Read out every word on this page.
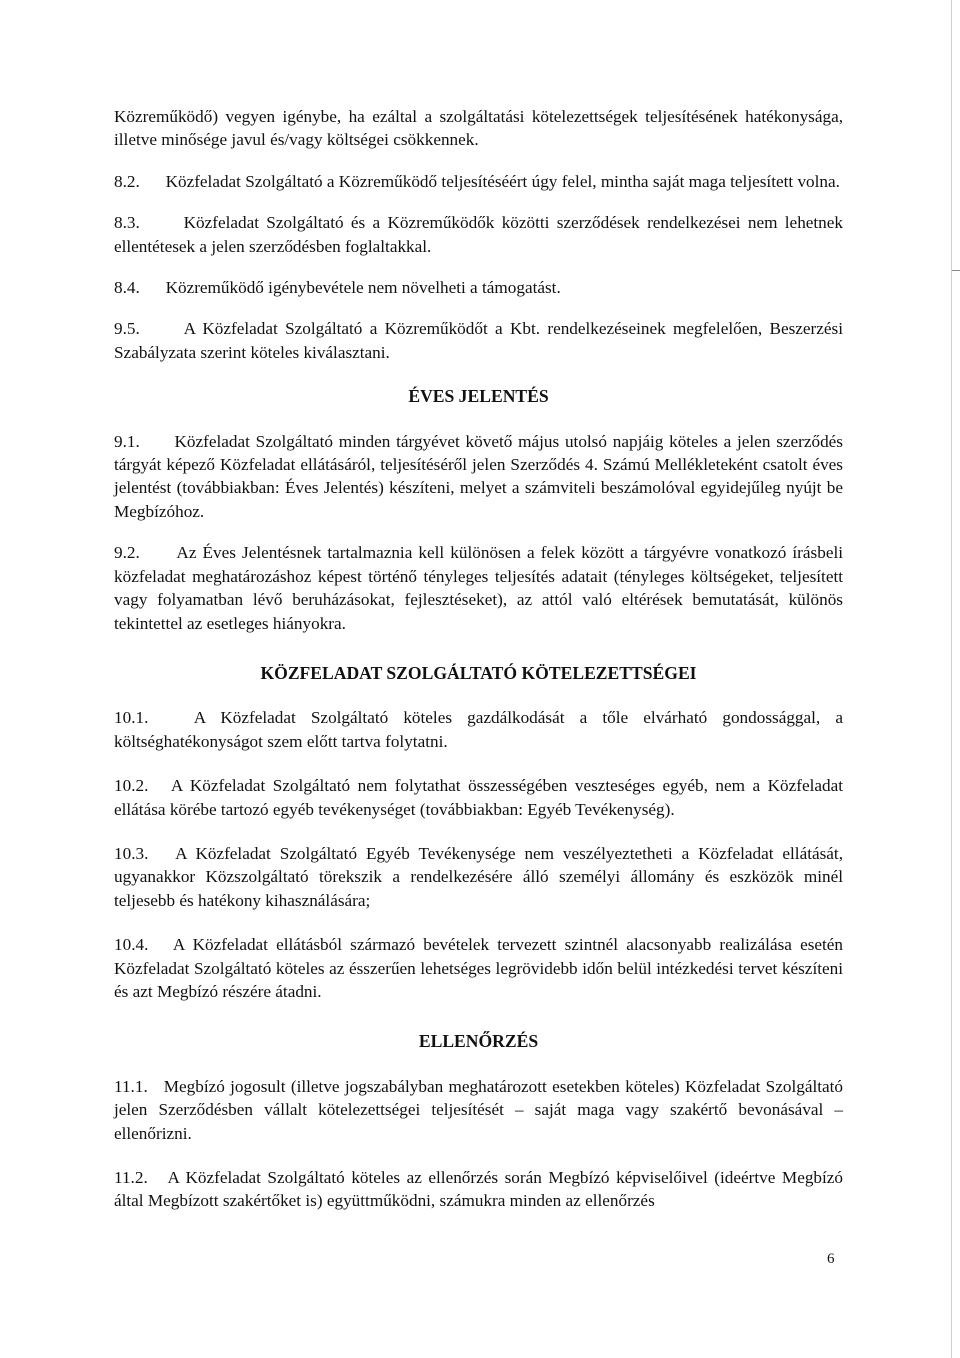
Közreműködő) vegyen igénybe, ha ezáltal a szolgáltatási kötelezettségek teljesítésének hatékonysága, illetve minősége javul és/vagy költségei csökkennek.

8.2. Közfeladat Szolgáltató a Közreműködő teljesítéséért úgy felel, mintha saját maga teljesített volna.

8.3.	Közfeladat Szolgáltató és a Közreműködők közötti szerződések rendelkezései nem lehetnek ellentétesek a jelen szerződésben foglaltakkal.

8.4. Közreműködő igénybevétele nem növelheti a támogatást.

9.5.	A Közfeladat Szolgáltató a Közreműködőt a Kbt. rendelkezéseinek megfelelően, Beszerzési Szabályzata szerint köteles kiválasztani.

ÉVES JELENTÉS

9.1. Közfeladat Szolgáltató minden tárgyévet követő május utolsó napjáig köteles a jelen szerződés tárgyát képező Közfeladat ellátásáról, teljesítéséről jelen Szerződés 4. Számú Mellékleteként csatolt éves jelentést (továbbiakban: Éves Jelentés) készíteni, melyet a számviteli beszámolóval egyidejűleg nyújt be Megbízóhoz.

9.2. Az Éves Jelentésnek tartalmaznia kell különösen a felek között a tárgyévre vonatkozó írásbeli közfeladat meghatározáshoz képest történő tényleges teljesítés adatait (tényleges költségeket, teljesített vagy folyamatban lévő beruházásokat, fejlesztéseket), az attól való eltérések bemutatását, különös tekintettel az esetleges hiányokra.

KÖZFELADAT SZOLGÁLTATÓ KÖTELEZETTSÉGEI

10.1.	A Közfeladat Szolgáltató köteles gazdálkodását a tőle elvárható gondossággal, a költséghatékonyságot szem előtt tartva folytatni.

10.2. A Közfeladat Szolgáltató nem folytathat összességében veszteséges egyéb, nem a Közfeladat ellátása körébe tartozó egyéb tevékenységet (továbbiakban: Egyéb Tevékenység).

10.3. A Közfeladat Szolgáltató Egyéb Tevékenysége nem veszélyeztetheti a Közfeladat ellátását, ugyanakkor Közszolgáltató törekszik a rendelkezésére álló személyi állomány és eszközök minél teljesebb és hatékony kihasználására;

10.4. A Közfeladat ellátásból származó bevételek tervezett szintnél alacsonyabb realizálása esetén Közfeladat Szolgáltató köteles az ésszerűen lehetséges legrövidebb időn belül intézkedési tervet készíteni és azt Megbízó részére átadni.

ELLENŐRZÉS

11.1. Megbízó jogosult (illetve jogszabályban meghatározott esetekben köteles) Közfeladat Szolgáltató jelen Szerződésben vállalt kötelezettségei teljesítését – saját maga vagy szakértő bevonásával – ellenőrizni.

11.2. A Közfeladat Szolgáltató köteles az ellenőrzés során Megbízó képviselőivel (ideértve Megbízó által Megbízott szakértőket is) együttműködni, számukra minden az ellenőrzés

6
